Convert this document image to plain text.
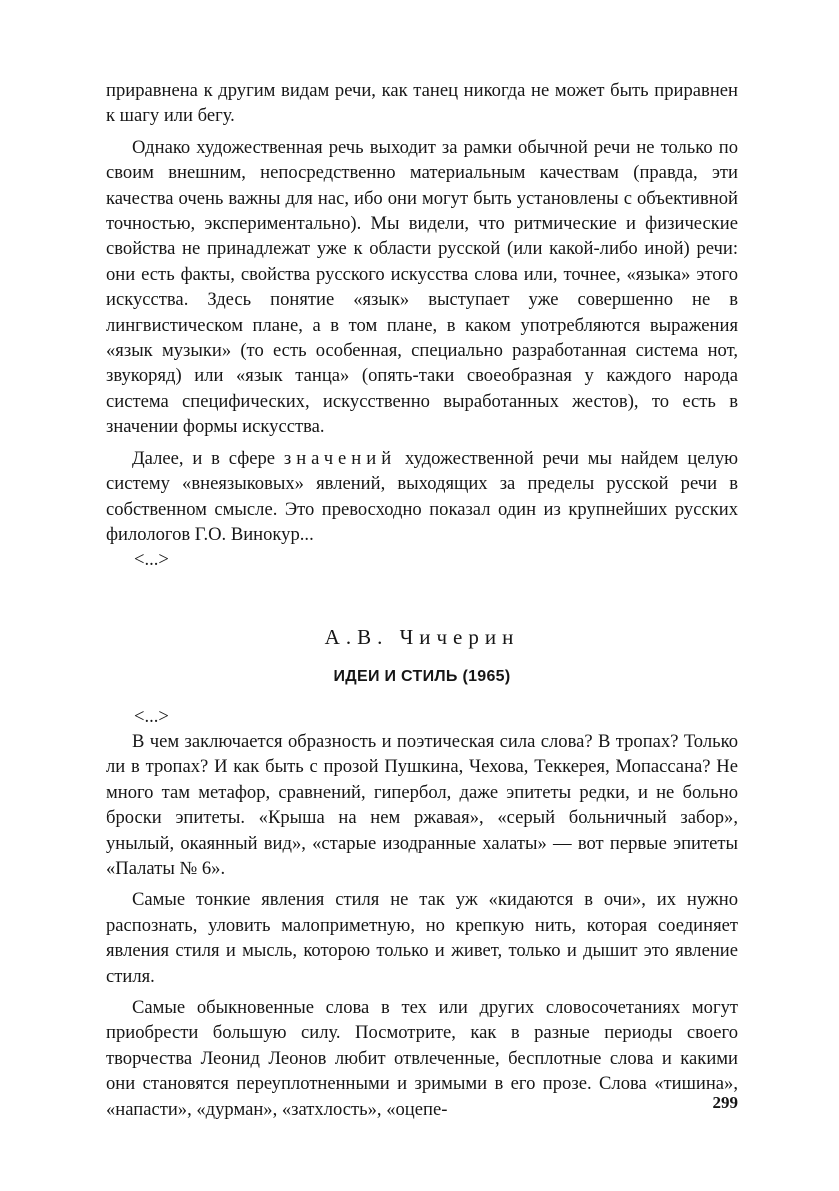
приравнена к другим видам речи, как танец никогда не может быть приравнен к шагу или бегу.

Однако художественная речь выходит за рамки обычной речи не только по своим внешним, непосредственно материальным качествам (правда, эти качества очень важны для нас, ибо они могут быть установлены с объективной точностью, экспериментально). Мы видели, что ритмические и физические свойства не принадлежат уже к области русской (или какой-либо иной) речи: они есть факты, свойства русского искусства слова или, точнее, «языка» этого искусства. Здесь понятие «язык» выступает уже совершенно не в лингвистическом плане, а в том плане, в каком употребляются выражения «язык музыки» (то есть особенная, специально разработанная система нот, звукоряд) или «язык танца» (опять-таки своеобразная у каждого народа система специфических, искусственно выработанных жестов), то есть в значении формы искусства.

Далее, и в сфере значений художественной речи мы найдем целую систему «внеязыковых» явлений, выходящих за пределы русской речи в собственном смысле. Это превосходно показал один из крупнейших русских филологов Г.О. Винокур...

<...>

А.В. Чичерин

ИДЕИ И СТИЛЬ (1965)

<...>

В чем заключается образность и поэтическая сила слова? В тропах? Только ли в тропах? И как быть с прозой Пушкина, Чехова, Теккерея, Мопассана? Не много там метафор, сравнений, гипербол, даже эпитеты редки, и не больно броски эпитеты. «Крыша на нем ржавая», «серый больничный забор», унылый, окаянный вид», «старые изодранные халаты» — вот первые эпитеты «Палаты № 6».

Самые тонкие явления стиля не так уж «кидаются в очи», их нужно распознать, уловить малоприметную, но крепкую нить, которая соединяет явления стиля и мысль, которою только и живет, только и дышит это явление стиля.

Самые обыкновенные слова в тех или других словосочетаниях могут приобрести большую силу. Посмотрите, как в разные периоды своего творчества Леонид Леонов любит отвлеченные, бесплотные слова и какими они становятся переуплотненными и зримыми в его прозе. Слова «тишина», «напасти», «дурман», «затхлость», «оцепе-	299
